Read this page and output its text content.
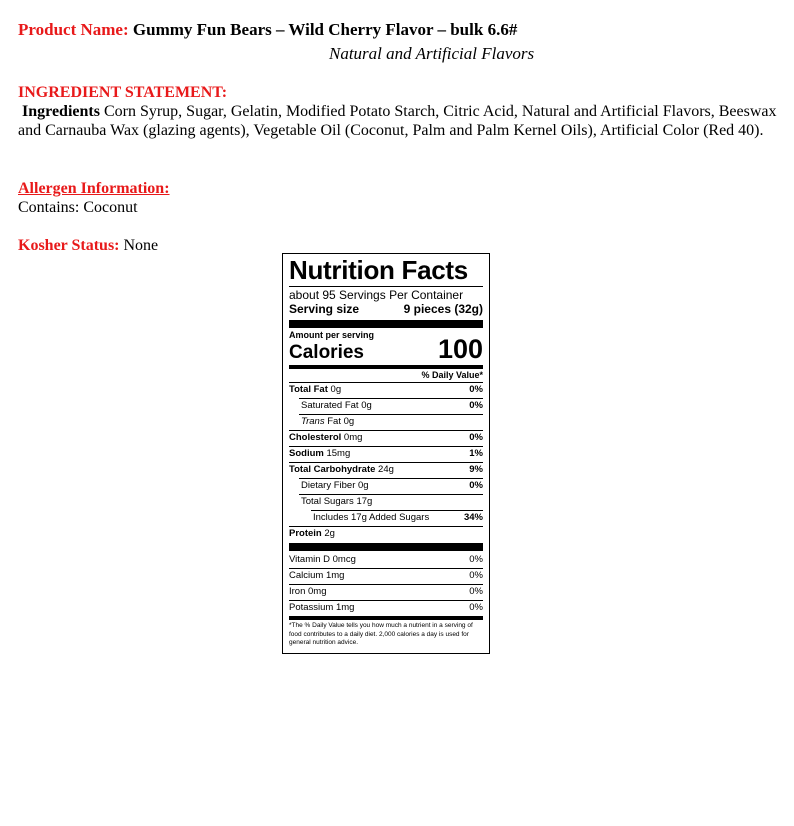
Product Name: Gummy Fun Bears – Wild Cherry Flavor – bulk 6.6#
Natural and Artificial Flavors
INGREDIENT STATEMENT:
Ingredients Corn Syrup, Sugar, Gelatin, Modified Potato Starch, Citric Acid, Natural and Artificial Flavors, Beeswax and Carnauba Wax (glazing agents), Vegetable Oil (Coconut, Palm and Palm Kernel Oils), Artificial Color (Red 40).
Allergen Information:
Contains: Coconut
Kosher Status: None
Nutrition Facts
about 95 Servings Per Container
Serving size	9 pieces (32g)
Amount per serving
Calories	100
% Daily Value*
Total Fat 0g	0%
Saturated Fat 0g	0%
Trans Fat 0g
Cholesterol 0mg	0%
Sodium 15mg	1%
Total Carbohydrate 24g	9%
Dietary Fiber 0g	0%
Total Sugars 17g
Includes 17g Added Sugars	34%
Protein 2g
Vitamin D 0mcg	0%
Calcium 1mg	0%
Iron 0mg	0%
Potassium 1mg	0%
*The % Daily Value tells you how much a nutrient in a serving of food contributes to a daily diet. 2,000 calories a day is used for general nutrition advice.
